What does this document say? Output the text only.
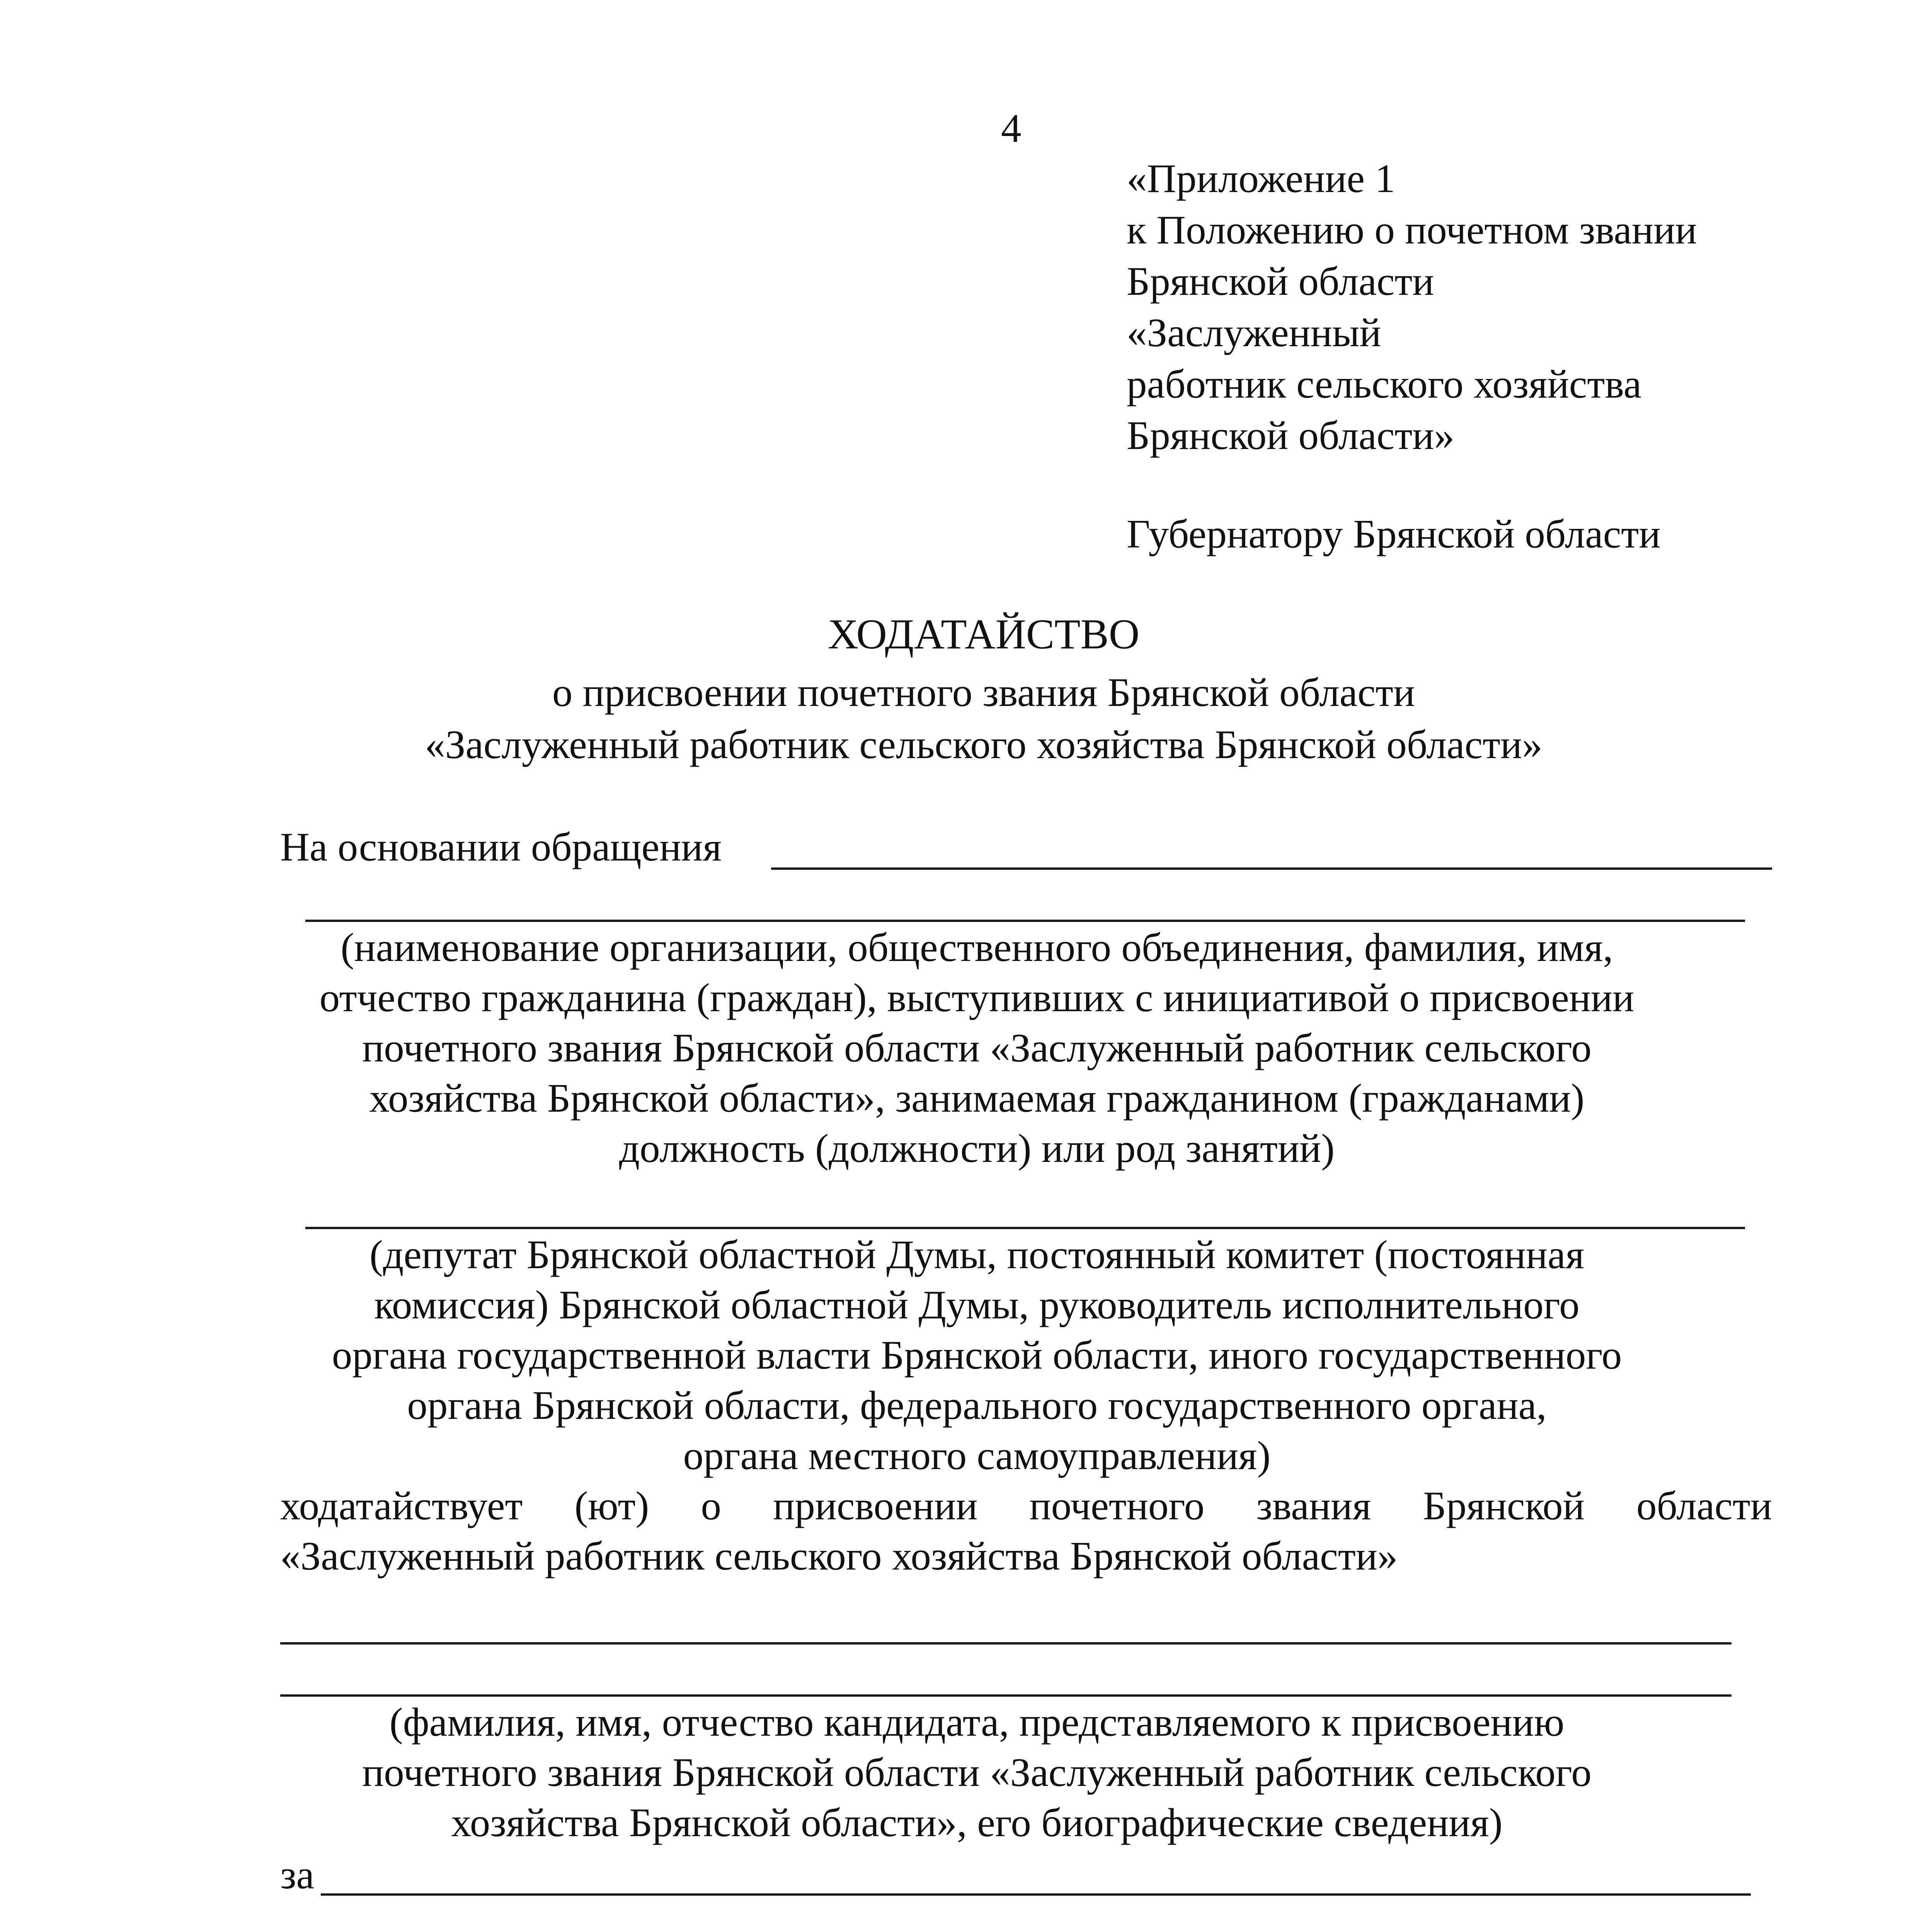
4
«Приложение 1
к Положению о почетном звании
Брянской области
«Заслуженный
работник сельского хозяйства
Брянской области»
Губернатору Брянской области
ХОДАТАЙСТВО
о присвоении почетного звания Брянской области
«Заслуженный работник сельского хозяйства Брянской области»
На основании обращения
(наименование организации, общественного объединения, фамилия, имя,
отчество гражданина (граждан), выступивших с инициативой о присвоении
почетного звания Брянской области «Заслуженный работник сельского
хозяйства Брянской области», занимаемая гражданином (гражданами)
должность (должности) или род занятий)
(депутат Брянской областной Думы, постоянный комитет (постоянная
комиссия) Брянской областной Думы, руководитель исполнительного
органа государственной власти Брянской области, иного государственного
органа Брянской области, федерального государственного органа,
органа местного самоуправления)
ходатайствует (ют) о присвоении почетного звания Брянской области
«Заслуженный работник сельского хозяйства Брянской области»
(фамилия, имя, отчество кандидата, представляемого к присвоению
почетного звания Брянской области «Заслуженный работник сельского
хозяйства Брянской области», его биографические сведения)
за
